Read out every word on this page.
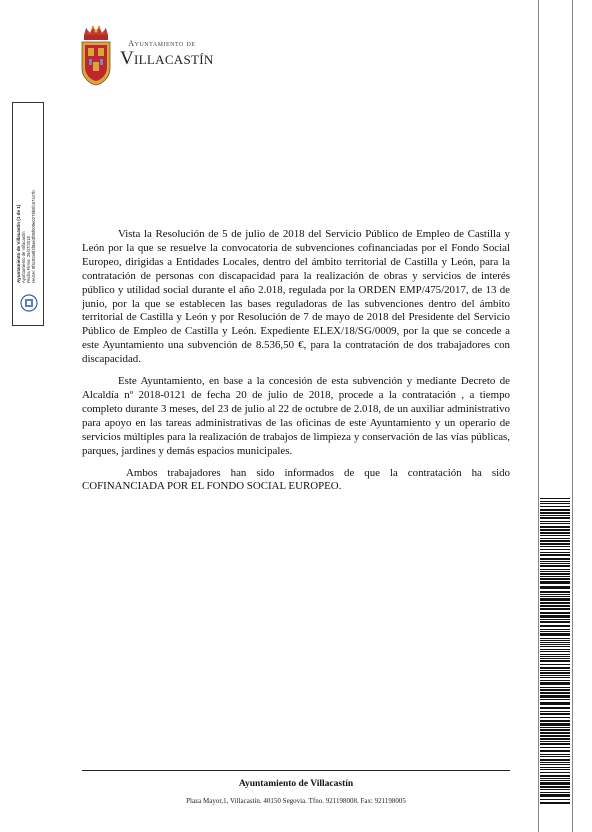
Ayuntamiento de
Villacastín
Ayuntamiento de Villacastín (1 de 1) Ayuntamiento de Villacastín Fecha Firma: 25/07/2018 HASH: 9f5c92a9f4f8ae3f85f009e0279b5fc67447b	Vista la Resolución de 5 de julio de 2018 del Servicio Público de Empleo de Castilla y León por la que se resuelve la convocatoria de subvenciones cofinanciadas por el Fondo Social Europeo, dirigidas a Entidades Locales, dentro del ámbito territorial de Castilla y León, para la contratación de personas con discapacidad para la realización de obras y servicios de interés público y utilidad social durante el año 2.018, regulada por la ORDEN EMP/475/2017, de 13 de junio, por la que se establecen las bases reguladoras de las subvenciones dentro del ámbito territorial de Castilla y León y por Resolución de 7 de mayo de 2018 del Presidente del Servicio Público de Empleo de Castilla y León. Expediente ELEX/18/SG/0009, por la que se concede a este Ayuntamiento una subvención de 8.536,50 €, para la contratación de dos trabajadores con discapacidad.

Este Ayuntamiento, en base a la concesión de esta subvención y mediante Decreto de Alcaldía nº 2018-0121 de fecha 20 de julio de 2018, procede a la contratación , a tiempo completo durante 3 meses, del 23 de julio al 22 de octubre de 2.018, de un auxiliar administrativo para apoyo en las tareas administrativas de las oficinas de este Ayuntamiento y un operario de servicios múltiples para la realización de trabajos de limpieza y conservación de las vías públicas, parques, jardines y demás espacios municipales.

Ambos trabajadores han sido informados de que la contratación ha sido COFINANCIADA POR EL FONDO SOCIAL EUROPEO.

Ayuntamiento de Villacastín
Plaza Mayor,1, Villacastín. 40150 Segovia. Tfno. 921198008. Fax: 921198005
